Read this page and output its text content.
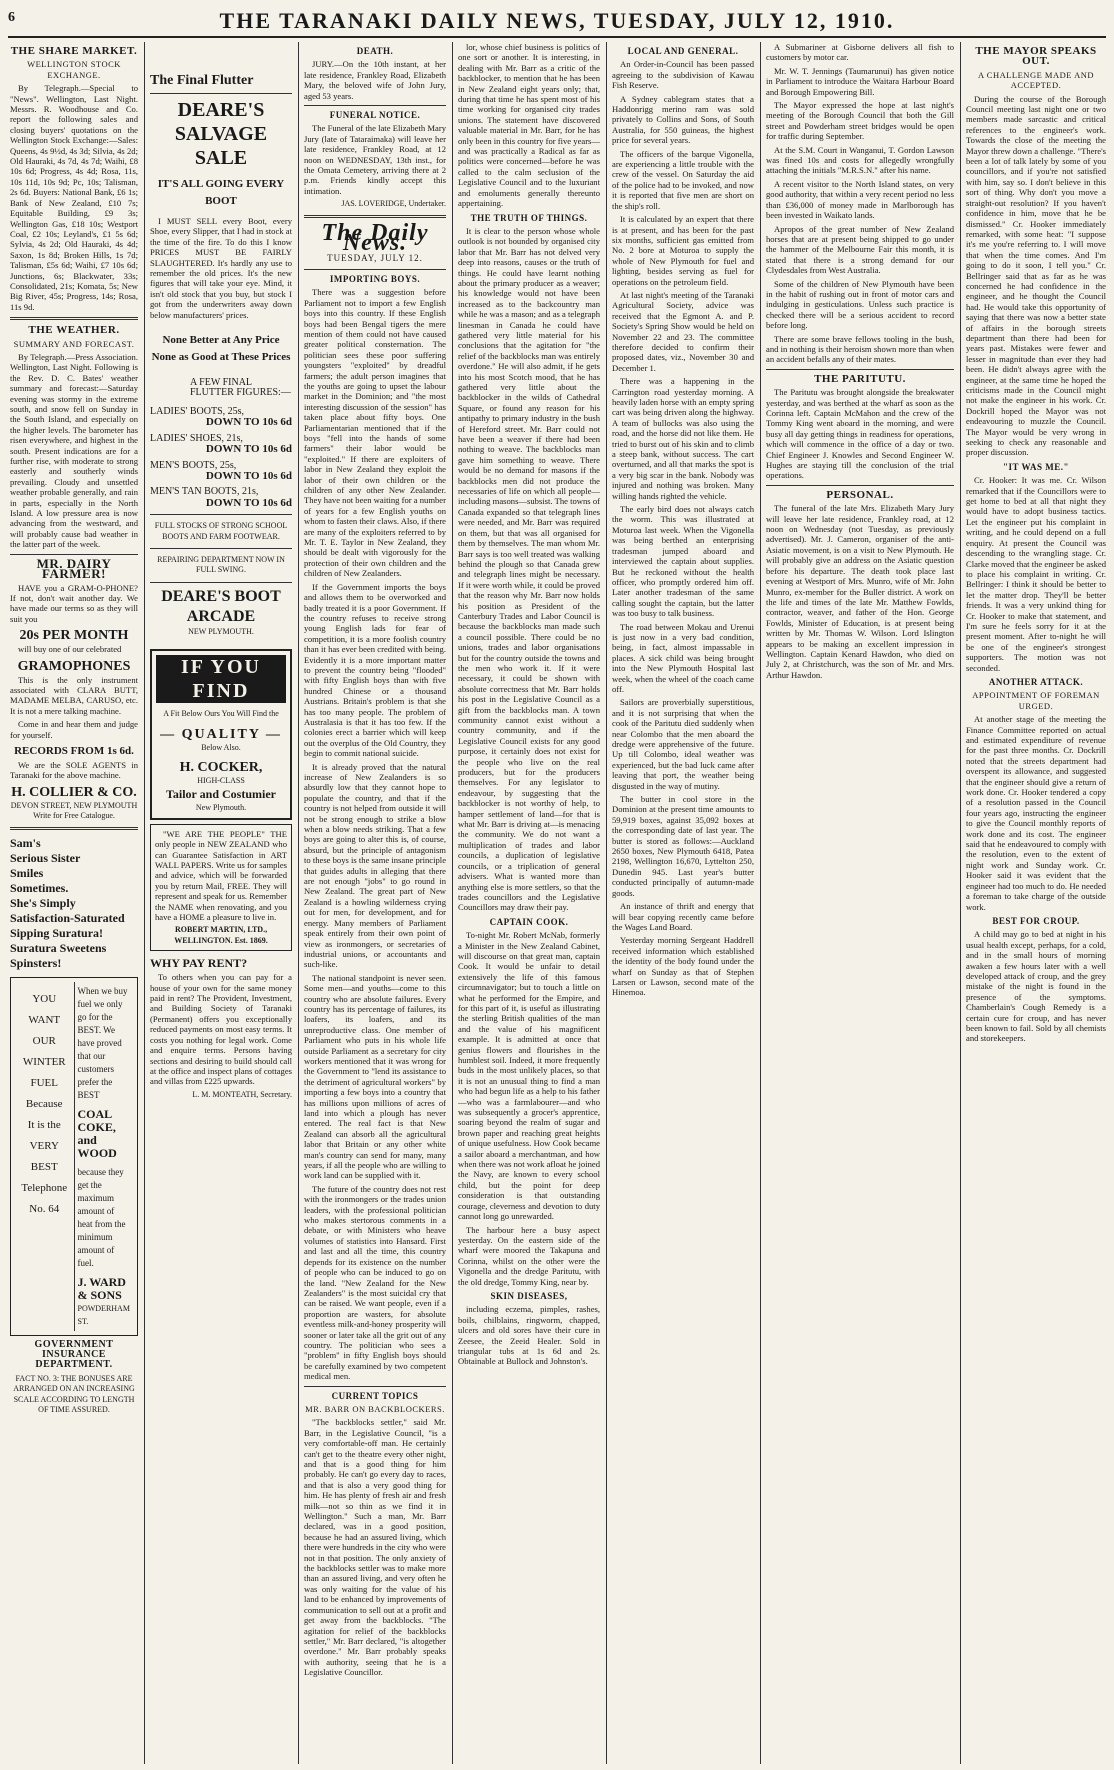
6	THE TARANAKI DAILY NEWS, TUESDAY, JULY 12, 1910.
THE SHARE MARKET.
WELLINGTON STOCK EXCHANGE.

By Telegraph.—Special to "News". Wellington, Last Night. Messrs. R. Woodhouse and Co. report the following sales and closing buyers' quotations on the Wellington Stock Exchange:—Sales: Queens, 4s 9½d, 4s 3d; Silvia, 4s 2d; Old Hauraki, 4s 7d, 4s 7d; Waihi, £8 10s 6d; Progress, 4s 4d; Rosa, 11s, 10s 11d, 10s 9d; Pc, 10s; Talisman, 2s 6d. Buyers: National Bank, £6 1s; Bank of New Zealand, £10 7s; Equitable Building, £9 3s; Wellington Gas, £18 10s; Westport Coal, £2 10s; Leyland's, £1 5s 6d; Sylvia, 4s 2d; Old Hauraki, 4s 4d; Saxon, 1s 8d; Broken Hills, 1s 7d; Talisman, £5s 6d; Waihi, £7 10s 6d; Junctions, 6s; Blackwater, 33s; Consolidated, 21s; Komata, 5s; New Big River, 45s; Progress, 14s; Rosa, 11s 9d.

THE WEATHER.
SUMMARY AND FORECAST.

By Telegraph.—Press Association. Wellington, Last Night. Following is the Rev. D. C. Bates' weather summary and forecast:—Saturday evening was stormy in the extreme south, and snow fell on Sunday in the South Island, and especially on the higher levels. The barometer has risen everywhere, and highest in the south. Present indications are for a further rise, with moderate to strong easterly and southerly winds prevailing. Cloudy and unsettled weather probable generally, and rain in parts, especially in the North Island. A low pressure area is now advancing from the westward, and will probably cause bad weather in the latter part of the week.

MR. DAIRY FARMER!

HAVE you a GRAM-O-PHONE? If not, don't wait another day. We have made our terms so as they will suit you

20s PER MONTH

will buy one of our celebrated

GRAMOPHONES

This is the only instrument associated with CLARA BUTT, MADAME MELBA, CARUSO, etc. It is not a mere talking machine.

Come in and hear them and judge for yourself.

RECORDS FROM 1s 6d.

We are the SOLE AGENTS in Taranaki for the above machine.

H. COLLIER & CO.
DEVON STREET, NEW PLYMOUTH
Write for Free Catalogue.
Sam's
Serious Sister
Smiles
Sometimes.
She's Simply
Satisfaction-Saturated
Sipping Suratura!
Suratura Sweetens
Spinsters!
YOU
WANT
OUR
WINTER
FUEL
Because
It is the
VERY
BEST
Telephone
No. 64
When we buy fuel we only go for the BEST. We have proved that our customers prefer the BEST
COAL COKE, and WOOD
because they get the maximum amount of heat from the minimum amount of fuel.
J. WARD & SONS
POWDERHAM ST.
GOVERNMENT INSURANCE DEPARTMENT.
FACT NO. 3: THE BONUSES ARE ARRANGED ON AN INCREASING SCALE ACCORDING TO LENGTH OF TIME ASSURED.
The Final Flutter
DEARE'S SALVAGE SALE
IT'S ALL GOING EVERY BOOT

I MUST SELL every Boot, every Shoe, every Slipper, that I had in stock at the time of the fire. To do this I know PRICES MUST BE FAIRLY SLAUGHTERED. It's hardly any use to remember the old prices. It's the new figures that will take your eye. Mind, it isn't old stock that you buy, but stock I got from the underwriters away down below manufacturers' prices.

None Better at Any Price None as Good at These Prices
A FEW FINAL FLUTTER FIGURES:—
LADIES' BOOTS, 25s,
DOWN TO 10s 6d
LADIES' SHOES, 21s,
DOWN TO 10s 6d
MEN'S BOOTS, 25s,
DOWN TO 10s 6d
MEN'S TAN BOOTS, 21s,
DOWN TO 10s 6d
FULL STOCKS OF STRONG SCHOOL BOOTS AND FARM FOOTWEAR.
REPAIRING DEPARTMENT NOW IN FULL SWING.
DEARE'S BOOT ARCADE
NEW PLYMOUTH.
IF YOU FIND
A Fit Below Ours You Will Find the
— QUALITY —
Below Also.
H. COCKER,
HIGH-CLASS
Tailor and Costumier
New Plymouth.

"WE ARE THE PEOPLE" THE only people in NEW ZEALAND who can Guarantee Satisfaction in ART WALL PAPERS. Write us for samples and advice, which will be forwarded you by return Mail, FREE. They will represent and speak for us. Remember the NAME when renovating, and you have a HOME a pleasure to live in.

ROBERT MARTIN, LTD., WELLINGTON. Est. 1869.
WHY PAY RENT?

To others when you can pay for a house of your own for the same money paid in rent? The Provident, Investment, and Building Society of Taranaki (Permanent) offers you exceptionally reduced payments on most easy terms. It costs you nothing for legal work. Come and enquire terms. Persons having sections and desiring to build should call at the office and inspect plans of cottages and villas from £225 upwards.

L. M. MONTEATH, Secretary.
DEATH.

JURY.—On the 10th instant, at her late residence, Frankley Road, Elizabeth Mary, the beloved wife of John Jury, aged 53 years.

FUNERAL NOTICE.

The Funeral of the late Elizabeth Mary Jury (late of Tataraimaka) will leave her late residence, Frankley Road, at 12 noon on WEDNESDAY, 13th inst., for the Omata Cemetery, arriving there at 2 p.m. Friends kindly accept this intimation.

JAS. LOVERIDGE, Undertaker.
The Daily News.
TUESDAY, JULY 12.
IMPORTING BOYS.

There was a suggestion before Parliament not to import a few English boys into this country. If these English boys had been Bengal tigers the mere mention of them could not have caused greater political consternation. The politician sees these poor suffering youngsters "exploited" by dreadful farmers; the adult person imagines that the youths are going to upset the labour market in the Dominion; and "the most interesting discussion of the session" has taken place about fifty boys. One Parliamentarian mentioned that if the boys "fell into the hands of some farmers" their labor would be "exploited." If there are exploiters of labor in New Zealand they exploit the labor of their own children or the children of any other New Zealander. They have not been waiting for a number of years for a few English youths on whom to fasten their claws. Also, if there are many of the exploiters referred to by Mr. T. E. Taylor in New Zealand, they should be dealt with vigorously for the protection of their own children and the children of New Zealanders.

If the Government imports the boys and allows them to be overworked and badly treated it is a poor Government. If the country refuses to receive strong young English lads for fear of competition, it is a more foolish country than it has ever been credited with being. Evidently it is a more important matter to prevent the country being "flooded" with fifty English boys than with five hundred Chinese or a thousand Austrians. Britain's problem is that she has too many people. The problem of Australasia is that it has too few. If the colonies erect a barrier which will keep out the overplus of the Old Country, they begin to commit national suicide.

It is already proved that the natural increase of New Zealanders is so absurdly low that they cannot hope to populate the country, and that if the country is not helped from outside it will not be strong enough to strike a blow when a blow needs striking. That a few boys are going to alter this is, of course, absurd, but the principle of antagonism to these boys is the same insane principle that guides adults in alleging that there are not enough "jobs" to go round in New Zealand. The great part of New Zealand is a howling wilderness crying out for men, for development, and for energy. Many members of Parliament speak entirely from their own point of view as ironmongers, or secretaries of industrial unions, or accountants and such-like.

The national standpoint is never seen. Some men—and youths—come to this country who are absolute failures. Every country has its percentage of failures, its loafers, its loafers, and its unreproductive class. One member of Parliament who puts in his whole life outside Parliament as a secretary for city workers mentioned that it was wrong for the Government to "lend its assistance to the detriment of agricultural workers" by importing a few boys into a country that has millions upon millions of acres of land into which a plough has never entered. The real fact is that New Zealand can absorb all the agricultural labor that Britain or any other white man's country can send for many, many years, if all the people who are willing to work land can be supplied with it.

The future of the country does not rest with the ironmongers or the trades union leaders, with the professional politician who makes stertorous comments in a debate, or with Ministers who heave volumes of statistics into Hansard. First and last and all the time, this country depends for its existence on the number of people who can be induced to go on the land. "New Zealand for the New Zealanders" is the most suicidal cry that can be raised. We want people, even if a proportion are wasters, for absolute eventless milk-and-honey prosperity will sooner or later take all the grit out of any country. The politician who sees a "problem" in fifty English boys should be carefully examined by two competent medical men.

CURRENT TOPICS
MR. BARR ON BACKBLOCKERS.

"The backblocks settler," said Mr. Barr, in the Legislative Council, "is a very comfortable-off man. He certainly can't get to the theatre every other night, and that is a good thing for him probably. He can't go every day to races, and that is also a very good thing for him. He has plenty of fresh air and fresh milk—not so thin as we find it in Wellington." Such a man, Mr. Barr declared, was in a good position, because he had an assured living, which there were hundreds in the city who were not in that position. The only anxiety of the backblocks settler was to make more than an assured living, and very often he was only waiting for the value of his land to be enhanced by improvements of communication to sell out at a profit and get away from the backblocks. "The agitation for relief of the backblocks settler," Mr. Barr declared, "is altogether overdone." Mr. Barr probably speaks with authority, seeing that he is a Legislative Councillor.

lor, whose chief business is politics of one sort or another. It is interesting, in dealing with Mr. Barr as a critic of the backblocker, to mention that he has been in New Zealand eight years only; that, during that time he has spent most of his time working for organised city trades unions. The statement have discovered valuable material in Mr. Barr, for he has only been in this country for five years—and was practically a Radical as far as politics were concerned—before he was called to the calm seclusion of the Legislative Council and to the luxuriant and emoluments generally thereunto appertaining.

THE TRUTH OF THINGS.

It is clear to the person whose whole outlook is not bounded by organised city labor that Mr. Barr has not delved very deep into reasons, causes or the truth of things. He could have learnt nothing about the primary producer as a weaver; his knowledge would not have been increased as to the backcountry man while he was a mason; and as a telegraph linesman in Canada he could have gathered very little material for his conclusions that the agitation for "the relief of the backblocks man was entirely overdone." He will also admit, if he gets into his most Scotch mood, that he has gathered very little about the backblocker in the wilds of Cathedral Square, or found any reason for his antipathy to primary industry in the bush of Hereford street. Mr. Barr could not have been a weaver if there had been nothing to weave. The backblocks man gave him something to weave. There would be no demand for masons if the backblocks men did not produce the necessaries of life on which all people—including masons—subsist. The towns of Canada expanded so that telegraph lines were needed, and Mr. Barr was required on them, but that was all organised for them by themselves. The man whom Mr. Barr says is too well treated was walking behind the plough so that Canada grew and telegraph lines might be necessary. If it were worth while, it could be proved that the reason why Mr. Barr now holds his position as President of the Canterbury Trades and Labor Council is because the backblocks man made such a council possible. There could be no unions, trades and labor organisations but for the country outside the towns and the men who work it. If it were necessary, it could be shown with absolute correctness that Mr. Barr holds his post in the Legislative Council as a gift from the backblocks man. A town community cannot exist without a country community, and if the Legislative Council exists for any good purpose, it certainly does not exist for the people who live on the real producers, but for the producers themselves. For any legislator to endeavour, by suggesting that the backblocker is not worthy of help, to hamper settlement of land—for that is what Mr. Barr is driving at—is menacing the community. We do not want a multiplication of trades and labor councils, a duplication of legislative councils, or a triplication of general advisers. What is wanted more than anything else is more settlers, so that the trades councillors and the Legislative Councillors may draw their pay.

CAPTAIN COOK.

To-night Mr. Robert McNab, formerly a Minister in the New Zealand Cabinet, will discourse on that great man, captain Cook. It would be unfair to detail extensively the life of this famous circumnavigator; but to touch a little on what he performed for the Empire, and for this part of it, is useful as illustrating the sterling British qualities of the man and the value of his magnificent example. It is admitted at once that genius flowers and flourishes in the humblest soil. Indeed, it more frequently buds in the most unlikely places, so that it is not an unusual thing to find a man who had begun life as a help to his father—who was a farmlabourer—and who was subsequently a grocer's apprentice, soaring beyond the realm of sugar and brown paper and reaching great heights of unique usefulness. How Cook became a sailor aboard a merchantman, and how when there was not work afloat he joined the Navy, are known to every school child, but the point for deep consideration is that outstanding courage, cleverness and devotion to duty cannot long go unrewarded.

The harbour here a busy aspect yesterday. On the eastern side of the wharf were moored the Takapuna and Corinna, whilst on the other were the Vigonella and the dredge Paritutu, with the old dredge, Tommy King, near by.

SKIN DISEASES,

including eczema, pimples, rashes, boils, chilblains, ringworm, chapped, ulcers and old sores have their cure in Zeesee, the Zeeid Healer. Sold in triangular tubs at 1s 6d and 2s. Obtainable at Bullock and Johnston's.

LOCAL AND GENERAL.

An Order-in-Council has been passed agreeing to the subdivision of Kawau Fish Reserve.

A Sydney cablegram states that a Haddonrigg merino ram was sold privately to Collins and Sons, of South Australia, for 550 guineas, the highest price for several years.

The officers of the barque Vigonella, are experiencing a little trouble with the crew of the vessel. On Saturday the aid of the police had to be invoked, and now it is reported that five men are short on the ship's roll.

It is calculated by an expert that there is at present, and has been for the past six months, sufficient gas emitted from No. 2 bore at Moturoa to supply the whole of New Plymouth for fuel and lighting, besides serving as fuel for operations on the petroleum field.

At last night's meeting of the Taranaki Agricultural Society, advice was received that the Egmont A. and P. Society's Spring Show would be held on November 22 and 23. The committee therefore decided to confirm their proposed dates, viz., November 30 and December 1.

There was a happening in the Carrington road yesterday morning. A heavily laden horse with an empty spring cart was being driven along the highway. A team of bullocks was also using the road, and the horse did not like them. He tried to burst out of his skin and to climb a steep bank, without success. The cart overturned, and all that marks the spot is a very big scar in the bank. Nobody was injured and nothing was broken. Many willing hands righted the vehicle.

The early bird does not always catch the worm. This was illustrated at Moturoa last week. When the Vigonella was being berthed an enterprising tradesman jumped aboard and interviewed the captain about supplies. But he reckoned without the health officer, who promptly ordered him off. Later another tradesman of the same calling sought the captain, but the latter was too busy to talk business.

The road between Mokau and Urenui is just now in a very bad condition, being, in fact, almost impassable in places. A sick child was being brought into the New Plymouth Hospital last week, when the wheel of the coach came off.

Sailors are proverbially superstitious, and it is not surprising that when the cook of the Paritutu died suddenly when near Colombo that the men aboard the dredge were apprehensive of the future. Up till Colombo, ideal weather was experienced, but the bad luck came after leaving that port, the weather being disgusted in the way of mutiny.

The butter in cool store in the Dominion at the present time amounts to 59,919 boxes, against 35,092 boxes at the corresponding date of last year. The butter is stored as follows:—Auckland 2650 boxes, New Plymouth 6418, Patea 2198, Wellington 16,670, Lyttelton 250, Dunedin 945. Last year's butter conducted principally of autumn-made goods.

An instance of thrift and energy that will bear copying recently came before the Wages Land Board.

Yesterday morning Sergeant Haddrell received information which established the identity of the body found under the wharf on Sunday as that of Stephen Larsen or Lawson, second mate of the Hinemoa.

A Submariner at Gisborne delivers all fish to customers by motor car.

Mr. W. T. Jennings (Taumarunui) has given notice in Parliament to introduce the Waitara Harbour Board and Borough Empowering Bill.

The Mayor expressed the hope at last night's meeting of the Borough Council that both the Gill street and Powderham street bridges would be open for traffic during September.

At the S.M. Court in Wanganui, T. Gordon Lawson was fined 10s and costs for allegedly wrongfully attaching the initials "M.R.S.N." after his name.

A recent visitor to the North Island states, on very good authority, that within a very recent period no less than £36,000 of money made in Marlborough has been invested in Waikato lands.

Apropos of the great number of New Zealand horses that are at present being shipped to go under the hammer of the Melbourne Fair this month, it is stated that there is a strong demand for our Clydesdales from West Australia.

Some of the children of New Plymouth have been in the habit of rushing out in front of motor cars and indulging in gesticulations. Unless such practice is checked there will be a serious accident to record before long.

There are some brave fellows tooling in the bush, and in nothing is their heroism shown more than when an accident befalls any of their mates.

THE PARITUTU.

The Paritutu was brought alongside the breakwater yesterday, and was berthed at the wharf as soon as the Corinna left. Captain McMahon and the crew of the Tommy King went aboard in the morning, and were busy all day getting things in readiness for operations, which will commence in the office of a day or two. Chief Engineer J. Knowles and Second Engineer W. Hughes are staying till the conclusion of the trial operations.

PERSONAL.

The funeral of the late Mrs. Elizabeth Mary Jury will leave her late residence, Frankley road, at 12 noon on Wednesday (not Tuesday, as previously advertised). Mr. J. Cameron, organiser of the anti-Asiatic movement, is on a visit to New Plymouth. He will probably give an address on the Asiatic question before his departure. The death took place last evening at Westport of Mrs. Munro, wife of Mr. John Munro, ex-member for the Buller district. A work on the life and times of the late Mr. Matthew Fowlds, contractor, weaver, and father of the Hon. George Fowlds, Minister of Education, is at present being written by Mr. Thomas W. Wilson. Lord Islington appears to be making an excellent impression in Wellington. Captain Kenard Hawdon, who died on July 2, at Christchurch, was the son of Mr. and Mrs. Arthur Hawdon.

THE MAYOR SPEAKS OUT.
A CHALLENGE MADE AND ACCEPTED.

During the course of the Borough Council meeting last night one or two members made sarcastic and critical references to the engineer's work. Towards the close of the meeting the Mayor threw down a challenge. "There's been a lot of talk lately by some of you councillors, and if you're not satisfied with him, say so. I don't believe in this sort of thing. Why don't you move a straight-out resolution? If you haven't confidence in him, move that he be dismissed." Cr. Hooker immediately remarked, with some heat: "I suppose it's me you're referring to. I will move that when the time comes. And I'm going to do it soon, I tell you." Cr. Bellringer said that as far as he was concerned he had confidence in the engineer, and he thought the Council had. He would take this opportunity of saying that there was now a better state of affairs in the borough streets department than there had been for years past. Mistakes were fewer and lesser in magnitude than ever they had been. He didn't always agree with the engineer, at the same time he hoped the criticisms made in the Council might not make the engineer in his work. Cr. Dockrill hoped the Mayor was not endeavouring to muzzle the Council. The Mayor would be very wrong in seeking to check any reasonable and proper discussion.

"IT WAS ME."

Cr. Hooker: It was me. Cr. Wilson remarked that if the Councillors were to get home to bed at all that night they would have to adopt business tactics. Let the engineer put his complaint in writing, and he could depend on a full enquiry. At present the Council was descending to the wrangling stage. Cr. Clarke moved that the engineer be asked to place his complaint in writing. Cr. Bellringer: I think it should be better to let the matter drop. They'll be better friends. It was a very unkind thing for Cr. Hooker to make that statement, and I'm sure he feels sorry for it at the present moment. After to-night he will be one of the engineer's strongest supporters. The motion was not seconded.

ANOTHER ATTACK.
APPOINTMENT OF FOREMAN URGED.

At another stage of the meeting the Finance Committee reported on actual and estimated expenditure of revenue for the past three months. Cr. Dockrill noted that the streets department had overspent its allowance, and suggested that the engineer should give a return of work done. Cr. Hooker tendered a copy of a resolution passed in the Council four years ago, instructing the engineer to give the Council monthly reports of work done and its cost. The engineer said that he endeavoured to comply with the resolution, even to the extent of night work and Sunday work. Cr. Hooker said it was evident that the engineer had too much to do. He needed a foreman to take charge of the outside work.

BEST FOR CROUP.

A child may go to bed at night in his usual health except, perhaps, for a cold, and in the small hours of morning awaken a few hours later with a well developed attack of croup, and the grey mistake of the night is found in the presence of the symptoms. Chamberlain's Cough Remedy is a certain cure for croup, and has never been known to fail. Sold by all chemists and storekeepers.
